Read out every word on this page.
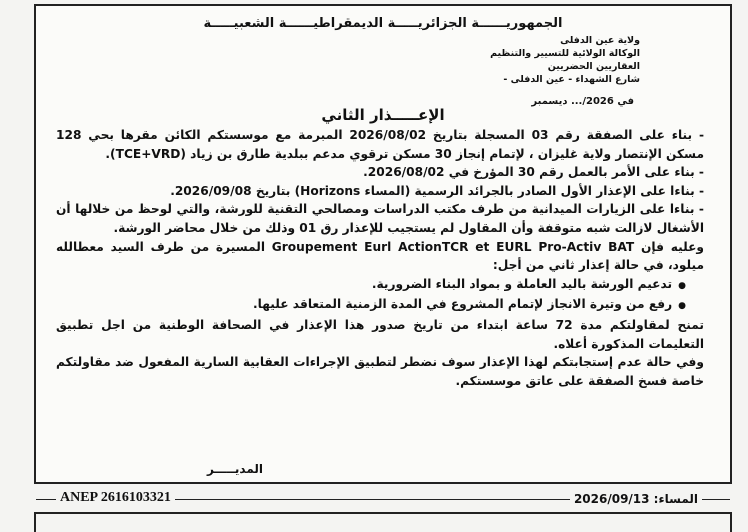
الجمهوريــــــة الجزائريـــــة الديمقراطيــــــة الشعبيـــــة
ولاية عين الدفلى
الوكالة الولائية للتسيير والتنظيم
العقاريين الحضريين
شارع الشهداء - عين الدفلى -
في 2026/... ديسمبر
الإعـــــذار الثاني

- بناء على الصفقة رقم 03 المسجلة بتاريخ 2026/08/02 المبرمة مع موسستكم الكائن مقرها بحي 128 مسكن الإنتصار ولاية غليزان ، لإتمام إنجاز 30 مسكن ترقوي مدعم ببلدية طارق بن زياد (TCE+VRD).

- بناء على الأمر بالعمل رقم 30 المؤرخ في 2026/08/02.

- بناءا على الإعذار الأول الصادر بالجرائد الرسمية (المساء Horizons) بتاريخ 2026/09/08.

- بناءا على الزيارات الميدانية من طرف مكتب الدراسات ومصالحي التقنية للورشة، والتي لوحظ من خلالها أن الأشغال لازالت شبه متوقفة وأن المقاول لم يستجيب للإعذار رق 01 وذلك من خلال محاضر الورشة.

وعليه فإن Groupement Eurl ActionTCR et EURL Pro-Activ BAT المسيرة من طرف السيد معطالله ميلود، في حالة إعذار ثاني من أجل:

● تدعيم الورشة باليد العاملة و بمواد البناء الضرورية.
● رفع من وتيرة الانجاز لإتمام المشروع في المدة الزمنية المتعاقد عليها.

تمنح لمقاولتكم مدة 72 ساعة ابتداء من تاريخ صدور هذا الإعذار في الصحافة الوطنية من اجل تطبيق التعليمات المذكورة أعلاه.

وفي حالة عدم إستجابتكم لهذا الإعذار سوف نضطر لتطبيق الإجراءات العقابية السارية المفعول ضد مقاولتكم خاصة فسخ الصفقة على عاتق موسستكم.

المديـــــر
ANEP 2616103321	المساء: 2026/09/13
